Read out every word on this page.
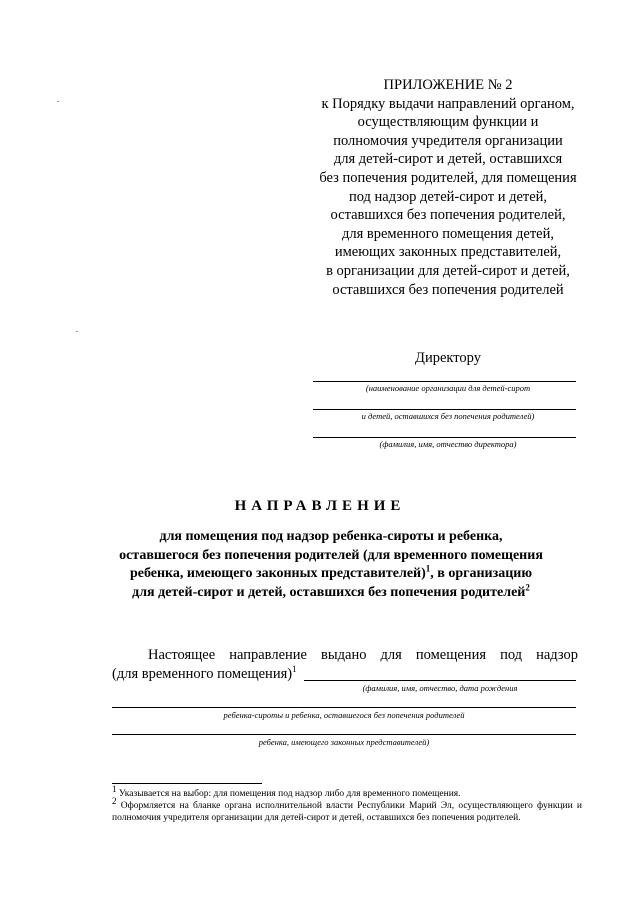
ПРИЛОЖЕНИЕ № 2
к Порядку выдачи направлений органом,
осуществляющим функции и
полномочия учредителя организации
для детей-сирот и детей, оставшихся
без попечения родителей, для помещения
под надзор детей-сирот и детей,
оставшихся без попечения родителей,
для временного помещения детей,
имеющих законных представителей,
в организации для детей-сирот и детей,
оставшихся без попечения родителей
Директору
(наименование организации для детей-сирот
и детей, оставшихся без попечения родителей)
(фамилия, имя, отчество директора)
НАПРАВЛЕНИЕ
для помещения под надзор ребенка-сироты и ребенка,
оставшегося без попечения родителей (для временного помещения
ребенка, имеющего законных представителей)$^1$, в организацию
для детей-сирот и детей, оставшихся без попечения родителей$^2$
Настоящее направление выдано для помещения под надзор
(для временного помещения)$^1$
(фамилия, имя, отчество, дата рождения
ребенка-сироты и ребенка, оставшегося без попечения родителей
ребенка, имеющего законных представителей)

$^1$ Указывается на выбор: для помещения под надзор либо для временного помещения.

$^2$ Оформляется на бланке органа исполнительной власти Республики Марий Эл, осуществляющего функции и полномочия учредителя организации для детей-сирот и детей, оставшихся без попечения родителей.
